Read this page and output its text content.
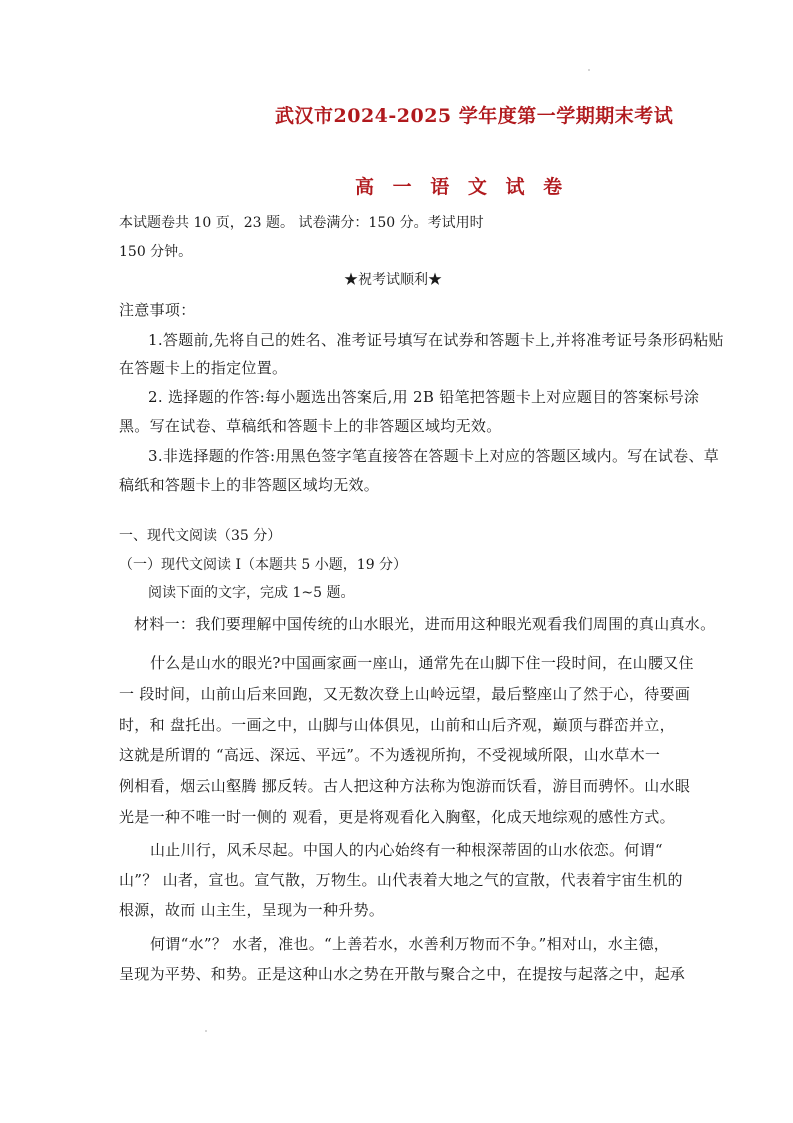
武汉市2024-2025 学年度第一学期期末考试
高 一 语 文 试 卷

本试题卷共 10 页，23 题。 试卷满分：150 分。考试用时

150 分钟。

★祝考试顺利★

注意事项：

1.答题前,先将自己的姓名、准考证号填写在试券和答题卡上,并将准考证号条形码粘贴

在答题卡上的指定位置。

2. 选择题的作答:每小题选出答案后,用 2B 铅笔把答题卡上对应题目的答案标号涂

黑。写在试卷、草稿纸和答题卡上的非答题区域均无效。

3.非选择题的作答:用黑色签字笔直接答在答题卡上对应的答题区域内。写在试卷、草

稿纸和答题卡上的非答题区域均无效。

一、现代文阅读（35 分）

（一）现代文阅读 I（本题共 5 小题，19 分）

阅读下面的文字，完成 1~5 题。

材料一：我们要理解中国传统的山水眼光，进而用这种眼光观看我们周围的真山真水。

什么是山水的眼光?中国画家画一座山，通常先在山脚下住一段时间，在山腰又住

一 段时间，山前山后来回跑，又无数次登上山岭远望，最后整座山了然于心，待要画

时，和 盘托出。一画之中，山脚与山体俱见，山前和山后齐观，巅顶与群峦并立，

这就是所谓的 “高远、深远、平远”。不为透视所拘，不受视域所限，山水草木一

例相看，烟云山壑腾 挪反转。古人把这种方法称为饱游而饫看，游目而骋怀。山水眼

光是一种不唯一时一侧的 观看，更是将观看化入胸壑，化成天地综观的感性方式。

山止川行，风禾尽起。中国人的内心始终有一种根深蒂固的山水依恋。何谓“

山”？ 山者，宣也。宣气散，万物生。山代表着大地之气的宣散，代表着宇宙生机的

根源，故而 山主生，呈现为一种升势。

何谓“水”？ 水者，准也。“上善若水，水善利万物而不争。”相对山，水主德，

呈现为平势、和势。正是这种山水之势在开散与聚合之中，在提按与起落之中，起承
